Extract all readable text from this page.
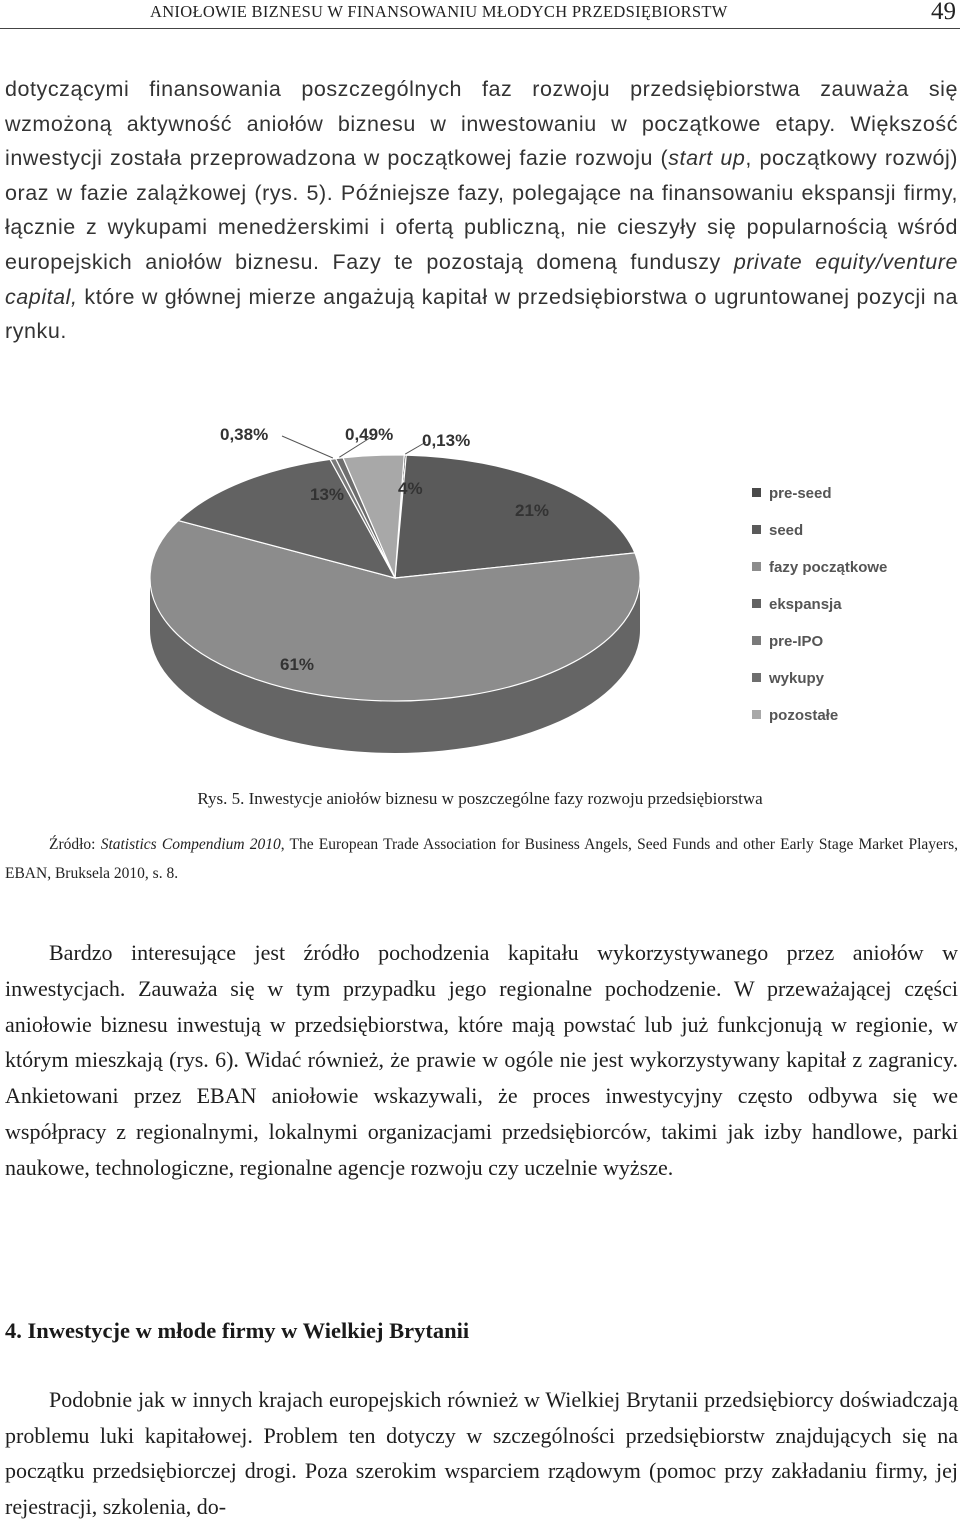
ANIOŁOWIE BIZNESU W FINANSOWANIU MŁODYCH PRZEDSIĘBIORSTW	49

dotyczącymi finansowania poszczególnych faz rozwoju przedsiębiorstwa zauważa się wzmożoną aktywność aniołów biznesu w inwestowaniu w początkowe etapy. Większość inwestycji została przeprowadzona w początkowej fazie rozwoju (start up, początkowy rozwój) oraz w fazie zalążkowej (rys. 5). Późniejsze fazy, polegające na finansowaniu ekspansji firmy, łącznie z wykupami menedżerskimi i ofertą publiczną, nie cieszyły się popularnością wśród europejskich aniołów biznesu. Fazy te pozostają domeną funduszy private equity/venture capital, które w głównej mierze angażują kapitał w przedsiębiorstwa o ugruntowanej pozycji na rynku.

0,13%
21%
61%
13%
0,38%	0,49%
4%	pre-seed
seed
fazy początkowe
ekspansja
pre-IPO
wykupy
pozostałe

Rys. 5. Inwestycje aniołów biznesu w poszczególne fazy rozwoju przedsiębiorstwa

Źródło: Statistics Compendium 2010, The European Trade Association for Business Angels, Seed Funds and other Early Stage Market Players, EBAN, Bruksela 2010, s. 8.

Bardzo interesujące jest źródło pochodzenia kapitału wykorzystywanego przez aniołów w inwestycjach. Zauważa się w tym przypadku jego regionalne pochodzenie. W przeważającej części aniołowie biznesu inwestują w przedsiębiorstwa, które mają powstać lub już funkcjonują w regionie, w którym mieszkają (rys. 6). Widać również, że prawie w ogóle nie jest wykorzystywany kapitał z zagranicy. Ankietowani przez EBAN aniołowie wskazywali, że proces inwestycyjny często odbywa się we współpracy z regionalnymi, lokalnymi organizacjami przedsiębiorców, takimi jak izby handlowe, parki naukowe, technologiczne, regionalne agencje rozwoju czy uczelnie wyższe.

4. Inwestycje w młode firmy w Wielkiej Brytanii

Podobnie jak w innych krajach europejskich również w Wielkiej Brytanii przedsiębiorcy doświadczają problemu luki kapitałowej. Problem ten dotyczy w szczególności przedsiębiorstw znajdujących się na początku przedsiębiorczej drogi. Poza szerokim wsparciem rządowym (pomoc przy zakładaniu firmy, jej rejestracji, szkolenia, do-
